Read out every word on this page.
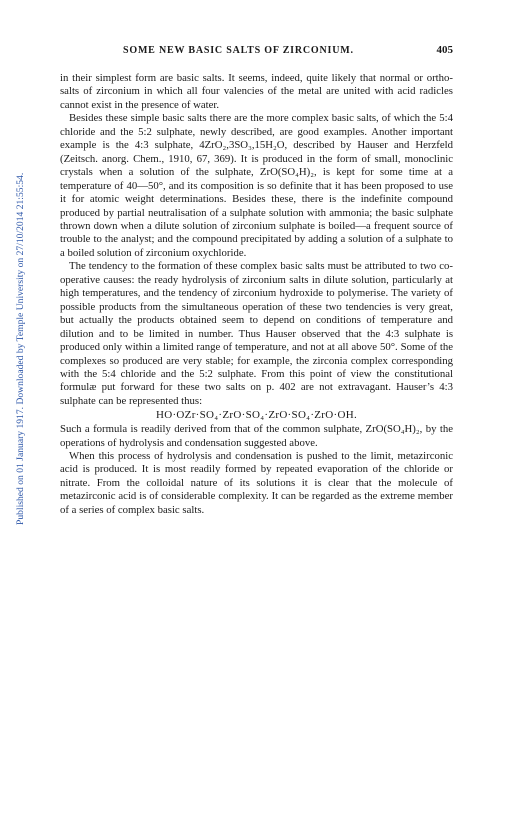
Published on 01 January 1917. Downloaded by Temple University on 27/10/2014 21:55:54.
SOME NEW BASIC SALTS OF ZIRCONIUM.	405

in their simplest form are basic salts. It seems, indeed, quite likely that normal or ortho-salts of zirconium in which all four valencies of the metal are united with acid radicles cannot exist in the presence of water.

Besides these simple basic salts there are the more complex basic salts, of which the 5:4 chloride and the 5:2 sulphate, newly described, are good examples. Another important example is the 4:3 sulphate, 4ZrO₂,3SO₃,15H₂O, described by Hauser and Herzfeld (Zeitsch. anorg. Chem., 1910, 67, 369). It is produced in the form of small, monoclinic crystals when a solution of the sulphate, ZrO(SO₄H)₂, is kept for some time at a temperature of 40—50°, and its composition is so definite that it has been proposed to use it for atomic weight determinations. Besides these, there is the indefinite compound produced by partial neutralisation of a sulphate solution with ammonia; the basic sulphate thrown down when a dilute solution of zirconium sulphate is boiled—a frequent source of trouble to the analyst; and the compound precipitated by adding a solution of a sulphate to a boiled solution of zirconium oxychloride.

The tendency to the formation of these complex basic salts must be attributed to two co-operative causes: the ready hydrolysis of zirconium salts in dilute solution, particularly at high temperatures, and the tendency of zirconium hydroxide to polymerise. The variety of possible products from the simultaneous operation of these two tendencies is very great, but actually the products obtained seem to depend on conditions of temperature and dilution and to be limited in number. Thus Hauser observed that the 4:3 sulphate is produced only within a limited range of temperature, and not at all above 50°. Some of the complexes so produced are very stable; for example, the zirconia complex corresponding with the 5:4 chloride and the 5:2 sulphate. From this point of view the constitutional formulæ put forward for these two salts on p. 402 are not extravagant. Hauser’s 4:3 sulphate can be represented thus:

HO·OZr·SO₄·ZrO·SO₄·ZrO·SO₄·ZrO·OH.

Such a formula is readily derived from that of the common sulphate, ZrO(SO₄H)₂, by the operations of hydrolysis and condensation suggested above.

When this process of hydrolysis and condensation is pushed to the limit, metazirconic acid is produced. It is most readily formed by repeated evaporation of the chloride or nitrate. From the colloidal nature of its solutions it is clear that the molecule of metazirconic acid is of considerable complexity. It can be regarded as the extreme member of a series of complex basic salts.
